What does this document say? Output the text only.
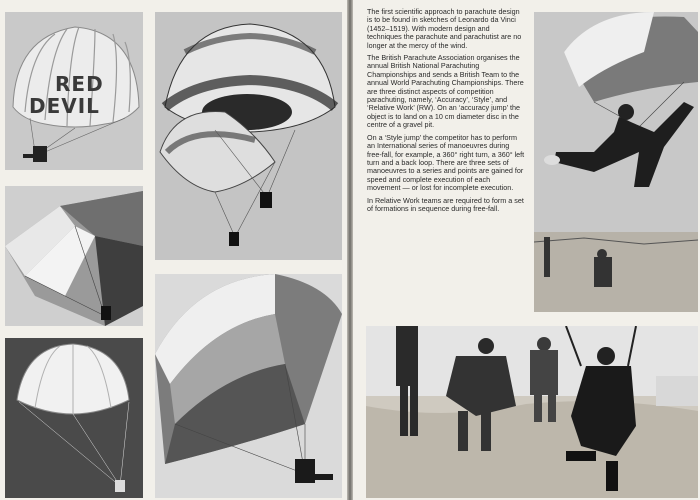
RED
DEVIL

The first scientific approach to parachute design is to be found in sketches of Leonardo da Vinci (1452–1519). With modern design and techniques the parachute and parachutist are no longer at the mercy of the wind.

The British Parachute Association organises the annual British National Parachuting Championships and sends a British Team to the annual World Parachuting Championships. There are three distinct aspects of competition parachuting, namely, ‘Accuracy’, ‘Style’, and ‘Relative Work’ (RW). On an ‘accuracy jump’ the object is to land on a 10 cm diameter disc in the centre of a gravel pit.

On a ‘Style jump’ the competitor has to perform an International series of manoeuvres during free-fall, for example, a 360° right turn, a 360° left turn and a back loop. There are three sets of manoeuvres to a series and points are gained for speed and complete execution of each movement — or lost for incomplete execution.

In Relative Work teams are required to form a set of formations in sequence during free-fall.
